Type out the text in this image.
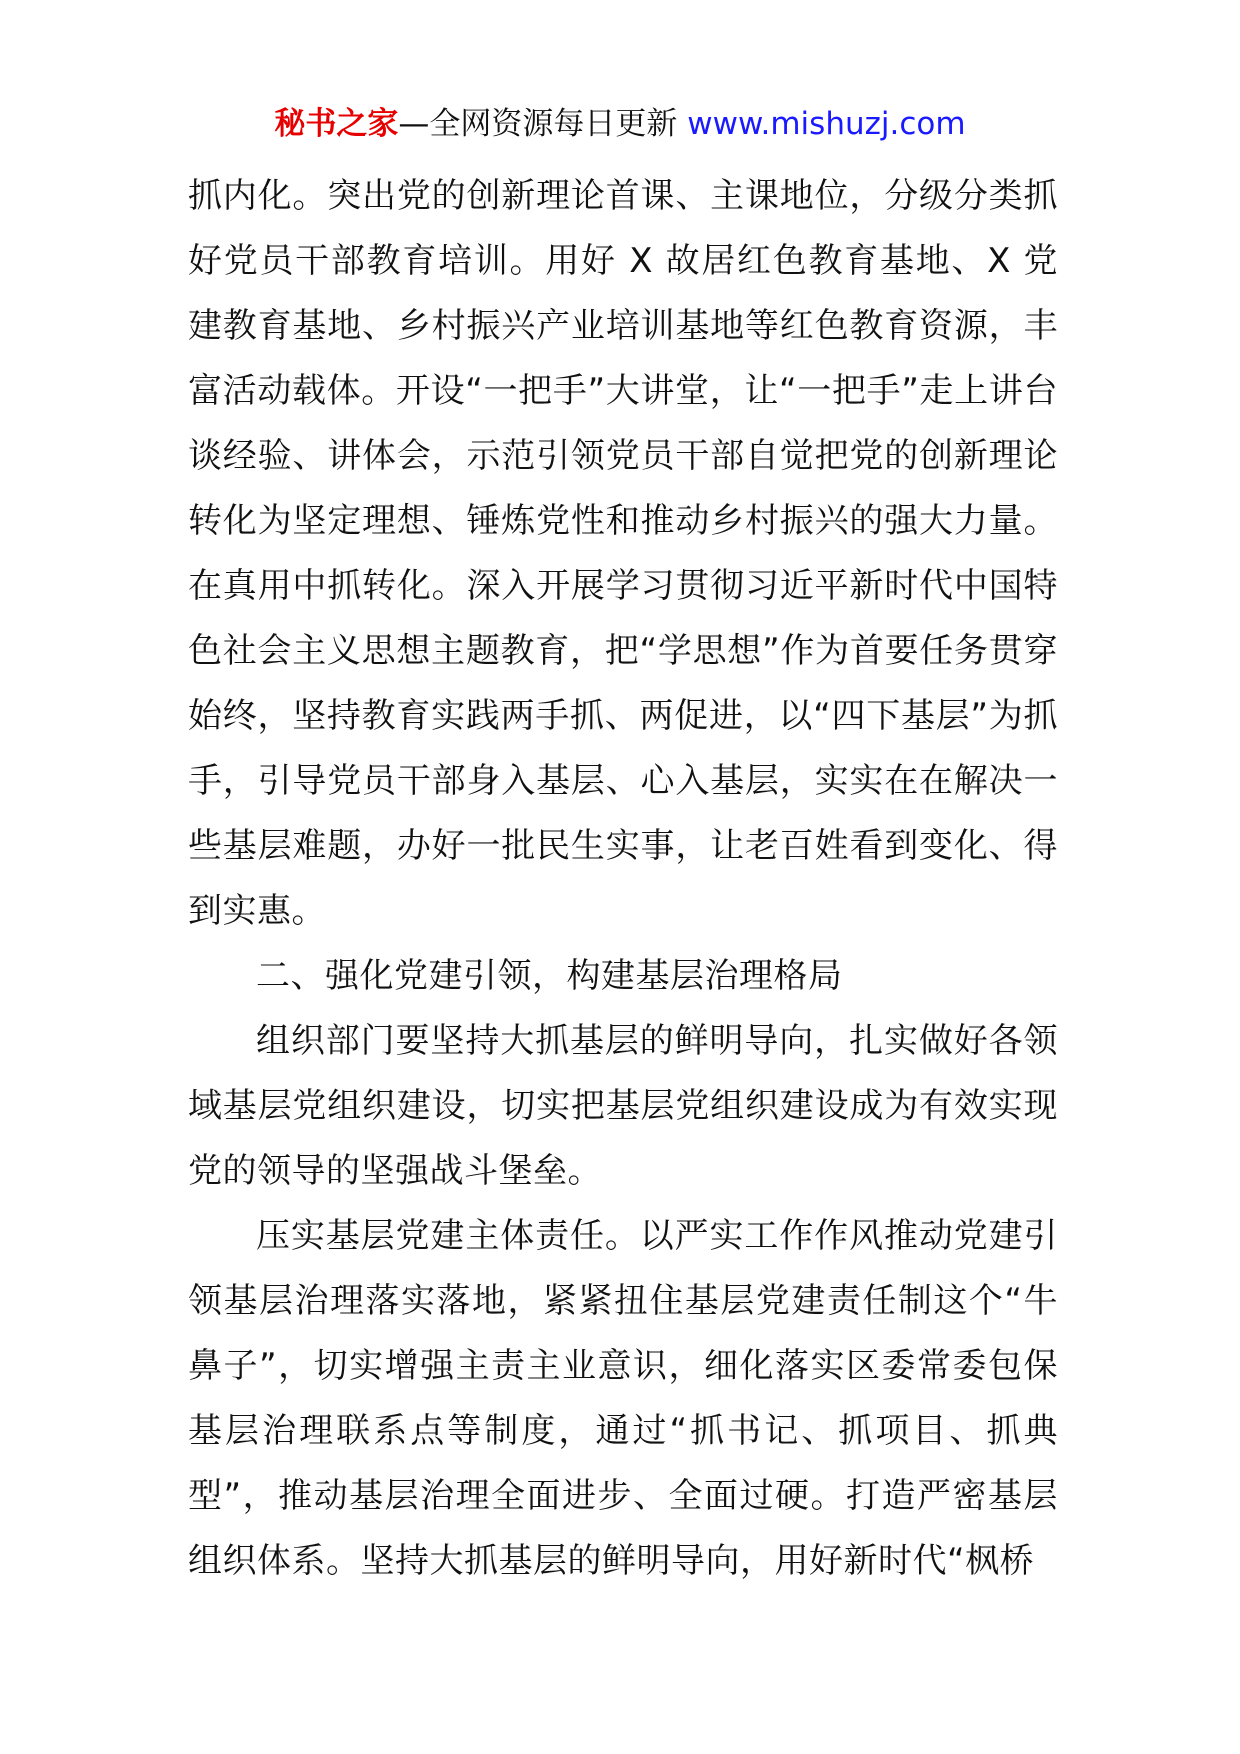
秘书之家—全网资源每日更新 www.mishuzj.com

抓内化。突出党的创新理论首课、主课地位，分级分类抓好党员干部教育培训。用好 X 故居红色教育基地、X 党建教育基地、乡村振兴产业培训基地等红色教育资源，丰富活动载体。开设“一把手”大讲堂，让“一把手”走上讲台谈经验、讲体会，示范引领党员干部自觉把党的创新理论转化为坚定理想、锤炼党性和推动乡村振兴的强大力量。在真用中抓转化。深入开展学习贯彻习近平新时代中国特色社会主义思想主题教育，把“学思想”作为首要任务贯穿始终，坚持教育实践两手抓、两促进，以“四下基层”为抓手，引导党员干部身入基层、心入基层，实实在在解决一些基层难题，办好一批民生实事，让老百姓看到变化、得到实惠。

二、强化党建引领，构建基层治理格局

组织部门要坚持大抓基层的鲜明导向，扎实做好各领域基层党组织建设，切实把基层党组织建设成为有效实现党的领导的坚强战斗堡垒。

压实基层党建主体责任。以严实工作作风推动党建引领基层治理落实落地，紧紧扭住基层党建责任制这个“牛鼻子”，切实增强主责主业意识，细化落实区委常委包保基层治理联系点等制度，通过“抓书记、抓项目、抓典型”，推动基层治理全面进步、全面过硬。打造严密基层组织体系。坚持大抓基层的鲜明导向，用好新时代“枫桥
